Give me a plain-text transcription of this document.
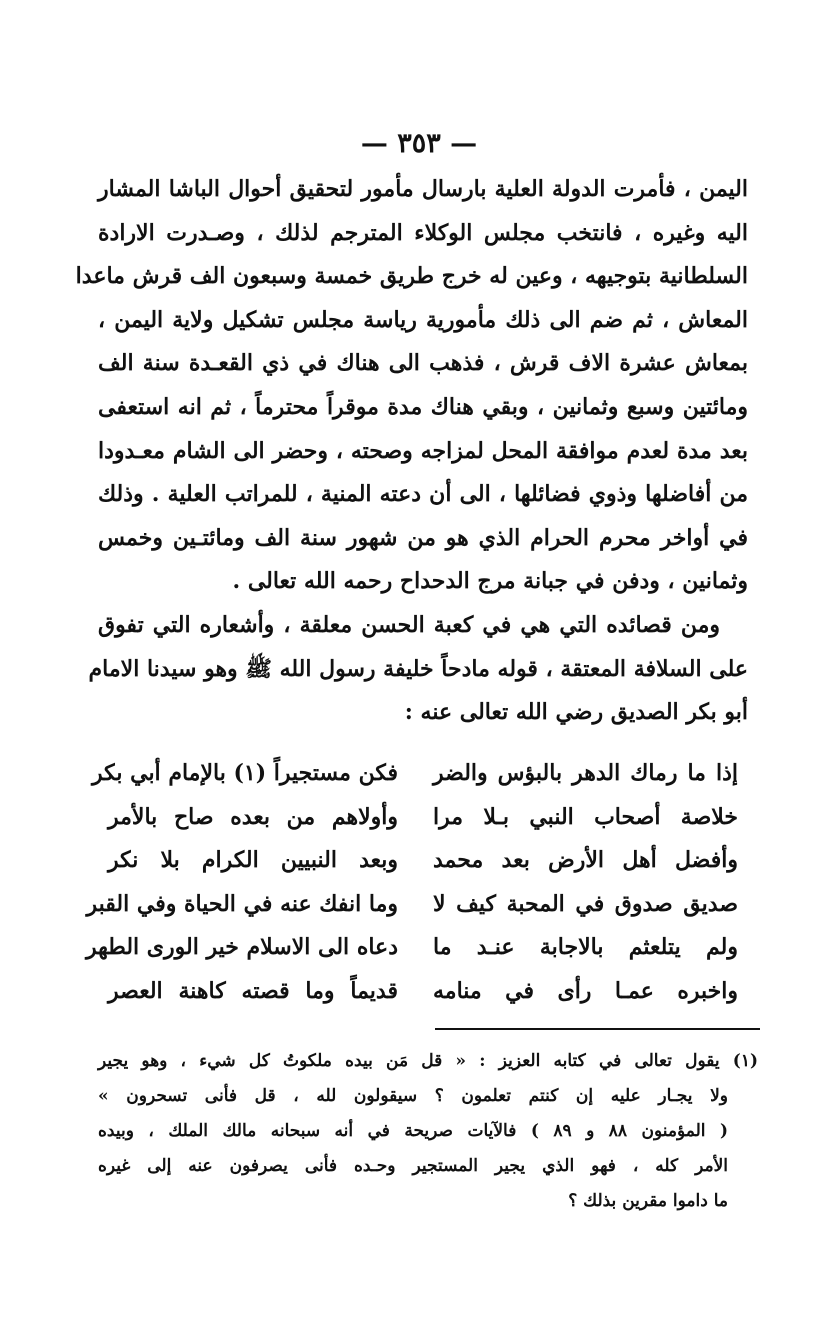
— ٣٥٣ —
اليمن ، فأمرت الدولة العلية بارسال مأمور لتحقيق أحوال الباشا المشار
اليه وغيره ، فانتخب مجلس الوكلاء المترجم لذلك ، وصـدرت الارادة
السلطانية بتوجيهه ، وعين له خرج طريق خمسة وسبعون الف قرش ماعدا
المعاش ، ثم ضم الى ذلك مأمورية رياسة مجلس تشكيل ولاية اليمن ،
بمعاش عشرة الاف قرش ، فذهب الى هناك في ذي القعـدة سنة الف
ومائتين وسبع وثمانين ، وبقي هناك مدة موقراً محترماً ، ثم انه استعفى
بعد مدة لعدم موافقة المحل لمزاجه وصحته ، وحضر الى الشام معـدودا
من أفاضلها وذوي فضائلها ، الى أن دعته المنية ، للمراتب العلية . وذلك
في أواخر محرم الحرام الذي هو من شهور سنة الف ومائتـين وخمس
وثمانين ، ودفن في جبانة مرج الدحداح رحمه الله تعالى .
ومن قصائده التي هي في كعبة الحسن معلقة ، وأشعاره التي تفوق
على السلافة المعتقة ، قوله مادحاً خليفة رسول الله ﷺ وهو سيدنا الامام
أبو بكر الصديق رضي الله تعالى عنه :
إذا ما رماك الدهر بالبؤس والضر
فكن مستجيراً (١) بالإمام أبي بكر
خلاصة أصحاب النبي بـلا مرا
وأولاهم من بعده صاح بالأمر
وأفضل أهل الأرض بعد محمد
وبعد النبيين الكرام بلا نكر
صديق صدوق في المحبة كيف لا
وما انفك عنه في الحياة وفي القبر
ولم يتلعثم بالاجابة عنـد ما
دعاه الى الاسلام خير الورى الطهر
واخبره عمـا رأى في منامه
قديماً وما قصته كاهنة العصر
(١) يقول تعالى في كتابه العزيز : « قل مَن بيده ملكوتُ كل شيء ، وهو يجير
ولا يجـار عليه إن كنتم تعلمون ؟ سيقولون لله ، قل فأنى تسحرون »
( المؤمنون ٨٨ و ٨٩ ) فالآيات صريحة في أنه سبحانه مالك الملك ، وبيده
الأمر كله ، فهو الذي يجير المستجير وحـده فأنى يصرفون عنه إلى غيره
ما داموا مقرين بذلك ؟
